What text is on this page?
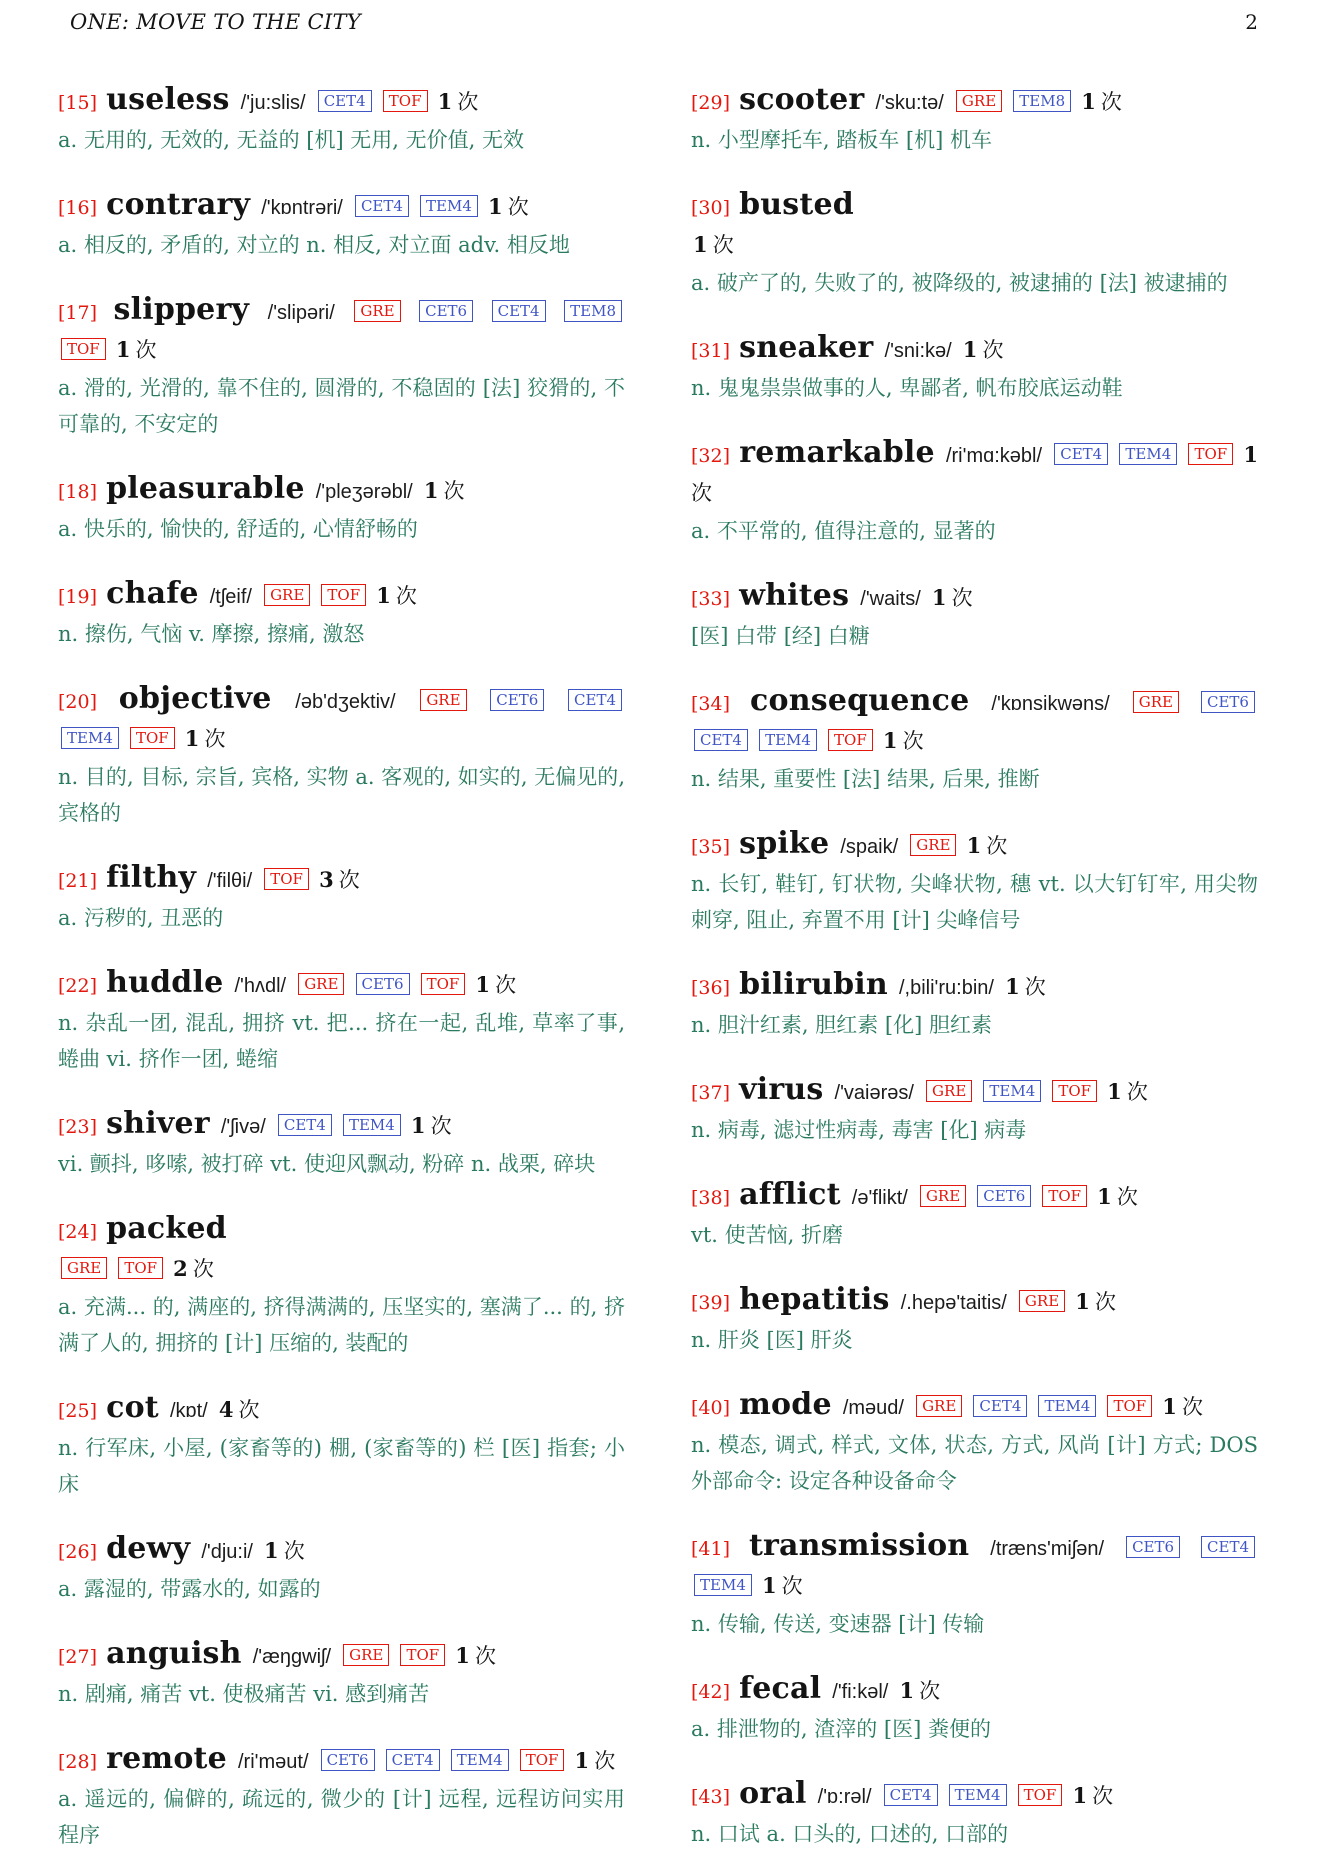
ONE: MOVE TO THE CITY	2
[15] useless /'ju:slis/ CET4 TOF 1 次
a. 无用的, 无效的, 无益的 [机] 无用, 无价值, 无效
[16] contrary /'kɒntrəri/ CET4 TEM4 1 次
a. 相反的, 矛盾的, 对立的 n. 相反, 对立面 adv. 相反地
[17] slippery /'slipəri/ GRE CET6 CET4 TEM8 TOF 1 次
a. 滑的, 光滑的, 靠不住的, 圆滑的, 不稳固的 [法] 狡猾的, 不可靠的, 不安定的
[18] pleasurable /'pleʒərəbl/ 1 次
a. 快乐的, 愉快的, 舒适的, 心情舒畅的
[19] chafe /tʃeif/ GRE TOF 1 次
n. 擦伤, 气恼 v. 摩擦, 擦痛, 激怒
[20] objective /əb'dʒektiv/ GRE CET6 CET4 TEM4 TOF 1 次
n. 目的, 目标, 宗旨, 宾格, 实物 a. 客观的, 如实的, 无偏见的, 宾格的
[21] filthy /'filθi/ TOF 3 次
a. 污秽的, 丑恶的
[22] huddle /'hʌdl/ GRE CET6 TOF 1 次
n. 杂乱一团, 混乱, 拥挤 vt. 把... 挤在一起, 乱堆, 草率了事, 蜷曲 vi. 挤作一团, 蜷缩
[23] shiver /'ʃivə/ CET4 TEM4 1 次
vi. 颤抖, 哆嗦, 被打碎 vt. 使迎风飘动, 粉碎 n. 战栗, 碎块
[24] packed
GRE TOF 2 次
a. 充满... 的, 满座的, 挤得满满的, 压坚实的, 塞满了... 的, 挤满了人的, 拥挤的 [计] 压缩的, 装配的
[25] cot /kɒt/ 4 次
n. 行军床, 小屋, (家畜等的) 棚, (家畜等的) 栏 [医] 指套; 小床
[26] dewy /'dju:i/ 1 次
a. 露湿的, 带露水的, 如露的
[27] anguish /'æŋgwiʃ/ GRE TOF 1 次
n. 剧痛, 痛苦 vt. 使极痛苦 vi. 感到痛苦
[28] remote /ri'məut/ CET6 CET4 TEM4 TOF 1 次
a. 遥远的, 偏僻的, 疏远的, 微少的 [计] 远程, 远程访问实用程序
[29] scooter /'sku:tə/ GRE TEM8 1 次
n. 小型摩托车, 踏板车 [机] 机车
[30] busted
1 次
a. 破产了的, 失败了的, 被降级的, 被逮捕的 [法] 被逮捕的
[31] sneaker /'sni:kə/ 1 次
n. 鬼鬼祟祟做事的人, 卑鄙者, 帆布胶底运动鞋
[32] remarkable /ri'mɑ:kəbl/ CET4 TEM4 TOF 1 次
a. 不平常的, 值得注意的, 显著的
[33] whites /'waits/ 1 次
[医] 白带 [经] 白糖
[34] consequence /'kɒnsikwəns/ GRE CET6 CET4 TEM4 TOF 1 次
n. 结果, 重要性 [法] 结果, 后果, 推断
[35] spike /spaik/ GRE 1 次
n. 长钉, 鞋钉, 钉状物, 尖峰状物, 穗 vt. 以大钉钉牢, 用尖物刺穿, 阻止, 弃置不用 [计] 尖峰信号
[36] bilirubin /,bili'ru:bin/ 1 次
n. 胆汁红素, 胆红素 [化] 胆红素
[37] virus /'vaiərəs/ GRE TEM4 TOF 1 次
n. 病毒, 滤过性病毒, 毒害 [化] 病毒
[38] afflict /ə'flikt/ GRE CET6 TOF 1 次
vt. 使苦恼, 折磨
[39] hepatitis /.hepə'taitis/ GRE 1 次
n. 肝炎 [医] 肝炎
[40] mode /məud/ GRE CET4 TEM4 TOF 1 次
n. 模态, 调式, 样式, 文体, 状态, 方式, 风尚 [计] 方式; DOS 外部命令: 设定各种设备命令
[41] transmission /træns'miʃən/ CET6 CET4 TEM4 1 次
n. 传输, 传送, 变速器 [计] 传输
[42] fecal /'fi:kəl/ 1 次
a. 排泄物的, 渣滓的 [医] 粪便的
[43] oral /'ɒ:rəl/ CET4 TEM4 TOF 1 次
n. 口试 a. 口头的, 口述的, 口部的
